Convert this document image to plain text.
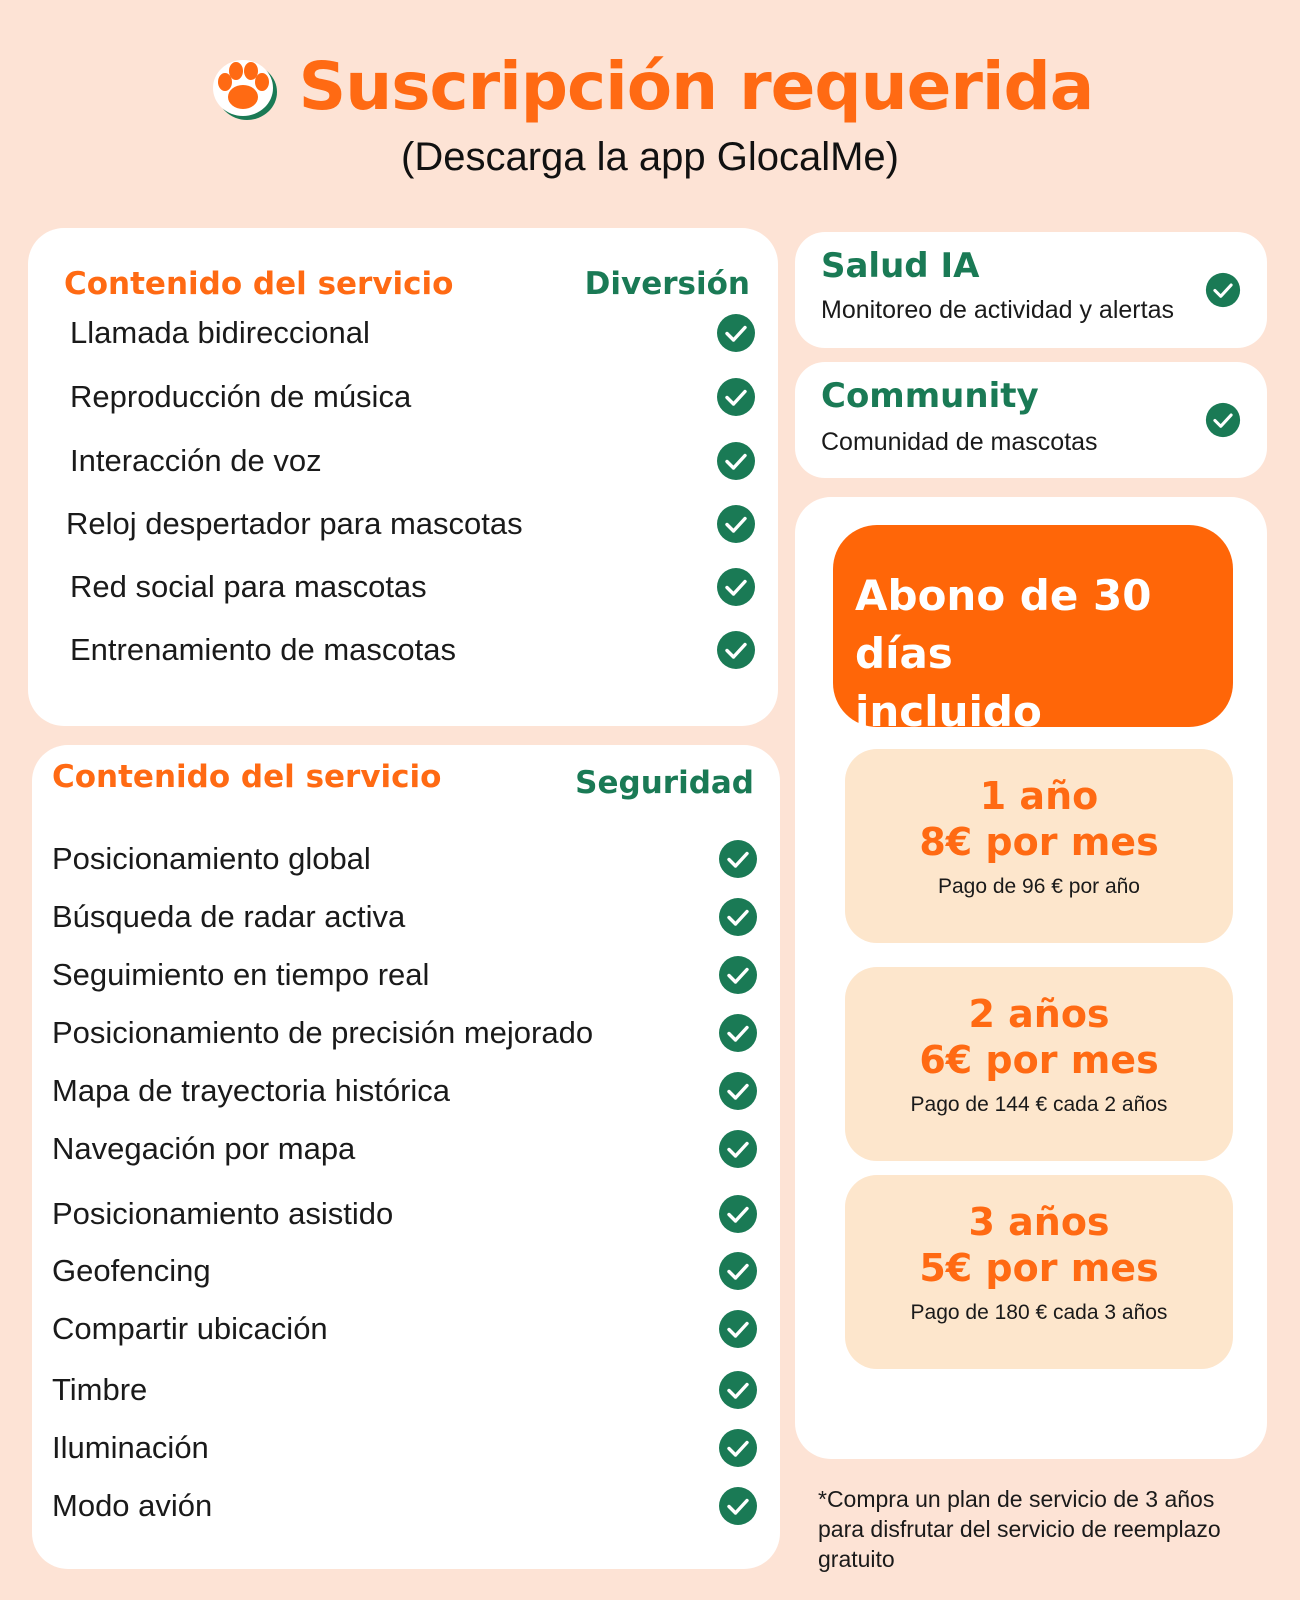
Suscripción requerida
(Descarga la app GlocalMe)
Contenido del servicio	Diversión
Llamada bidireccional
Reproducción de música
Interacción de voz
Reloj despertador para mascotas
Red social para mascotas
Entrenamiento de mascotas
Contenido del servicio	Seguridad
Posicionamiento global
Búsqueda de radar activa
Seguimiento en tiempo real
Posicionamiento de precisión mejorado
Mapa de trayectoria histórica
Navegación por mapa
Posicionamiento asistido
Geofencing
Compartir ubicación
Timbre
Iluminación
Modo avión
Salud IA
Monitoreo de actividad y alertas
Community
Comunidad de mascotas
Abono de 30 días
incluido
1 año
8€ por mes
Pago de 96 € por año
2 años
6€ por mes
Pago de 144 € cada 2 años
3 años
5€ por mes
Pago de 180 € cada 3 años
*Compra un plan de servicio de 3 años para disfrutar del servicio de reemplazo gratuito
